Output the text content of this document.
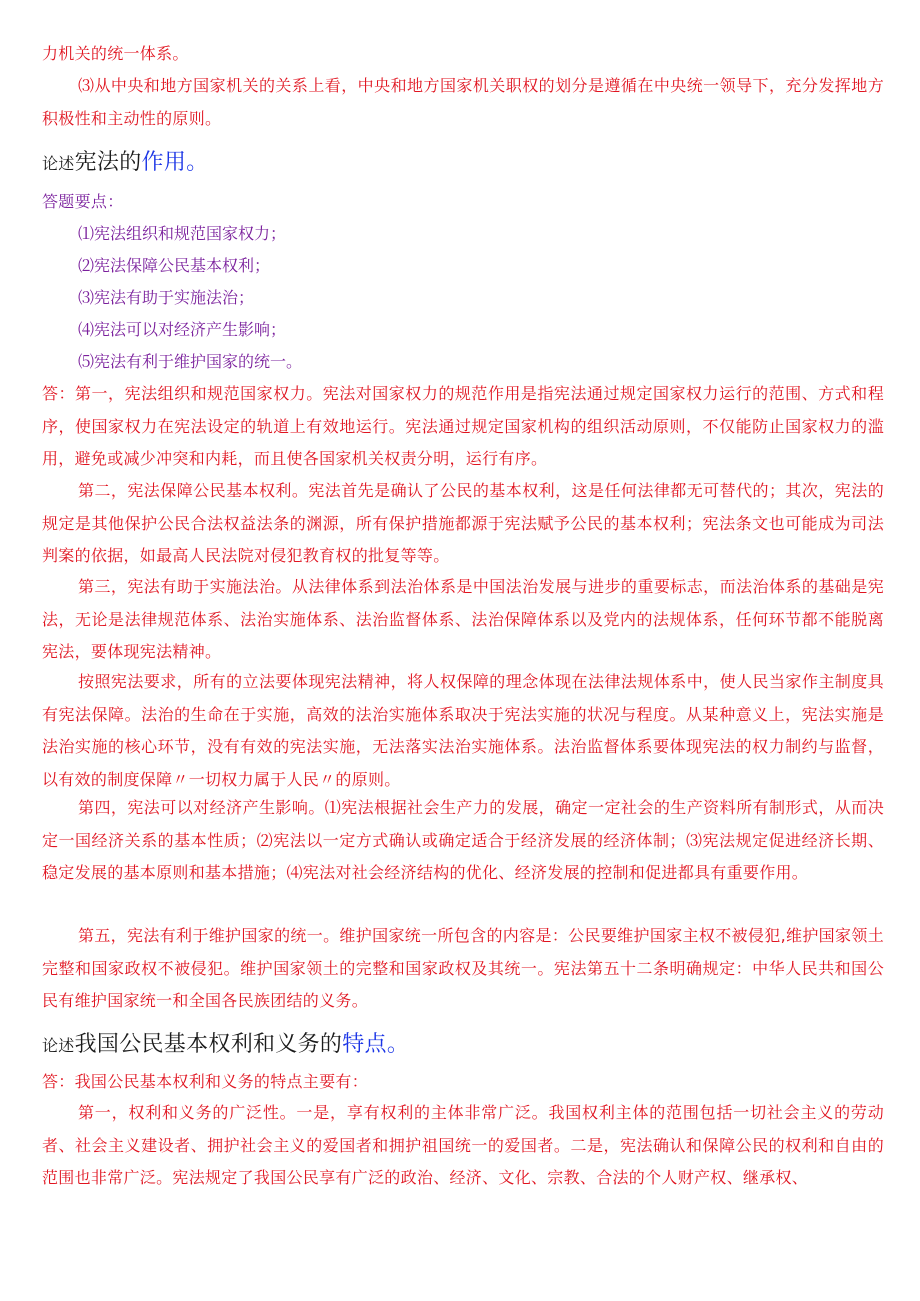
力机关的统一体系。

⑶从中央和地方国家机关的关系上看，中央和地方国家机关职权的划分是遵循在中央统一领导下，充分发挥地方积极性和主动性的原则。

论述宪法的作用。

答题要点：

⑴宪法组织和规范国家权力；

⑵宪法保障公民基本权利；

⑶宪法有助于实施法治；

⑷宪法可以对经济产生影响；

⑸宪法有利于维护国家的统一。

答：第一，宪法组织和规范国家权力。宪法对国家权力的规范作用是指宪法通过规定国家权力运行的范围、方式和程序，使国家权力在宪法设定的轨道上有效地运行。宪法通过规定国家机构的组织活动原则，不仅能防止国家权力的滥用，避免或减少冲突和内耗，而且使各国家机关权责分明，运行有序。

第二，宪法保障公民基本权利。宪法首先是确认了公民的基本权利，这是任何法律都无可替代的；其次，宪法的规定是其他保护公民合法权益法条的渊源，所有保护措施都源于宪法赋予公民的基本权利；宪法条文也可能成为司法判案的依据，如最高人民法院对侵犯教育权的批复等等。

第三，宪法有助于实施法治。从法律体系到法治体系是中国法治发展与进步的重要标志，而法治体系的基础是宪法，无论是法律规范体系、法治实施体系、法治监督体系、法治保障体系以及党内的法规体系，任何环节都不能脱离宪法，要体现宪法精神。

按照宪法要求，所有的立法要体现宪法精神，将人权保障的理念体现在法律法规体系中，使人民当家作主制度具有宪法保障。法治的生命在于实施，高效的法治实施体系取决于宪法实施的状况与程度。从某种意义上，宪法实施是法治实施的核心环节，没有有效的宪法实施，无法落实法治实施体系。法治监督体系要体现宪法的权力制约与监督，以有效的制度保障〃一切权力属于人民〃的原则。

第四，宪法可以对经济产生影响。⑴宪法根据社会生产力的发展，确定一定社会的生产资料所有制形式，从而决定一国经济关系的基本性质；⑵宪法以一定方式确认或确定适合于经济发展的经济体制；⑶宪法规定促进经济长期、稳定发展的基本原则和基本措施；⑷宪法对社会经济结构的优化、经济发展的控制和促进都具有重要作用。

第五，宪法有利于维护国家的统一。维护国家统一所包含的内容是：公民要维护国家主权不被侵犯,维护国家领土完整和国家政权不被侵犯。维护国家领土的完整和国家政权及其统一。宪法第五十二条明确规定：中华人民共和国公民有维护国家统一和全国各民族团结的义务。

论述我国公民基本权利和义务的特点。

答：我国公民基本权利和义务的特点主要有：

第一，权利和义务的广泛性。一是，享有权利的主体非常广泛。我国权利主体的范围包括一切社会主义的劳动者、社会主义建设者、拥护社会主义的爱国者和拥护祖国统一的爱国者。二是，宪法确认和保障公民的权利和自由的范围也非常广泛。宪法规定了我国公民享有广泛的政治、经济、文化、宗教、合法的个人财产权、继承权、
